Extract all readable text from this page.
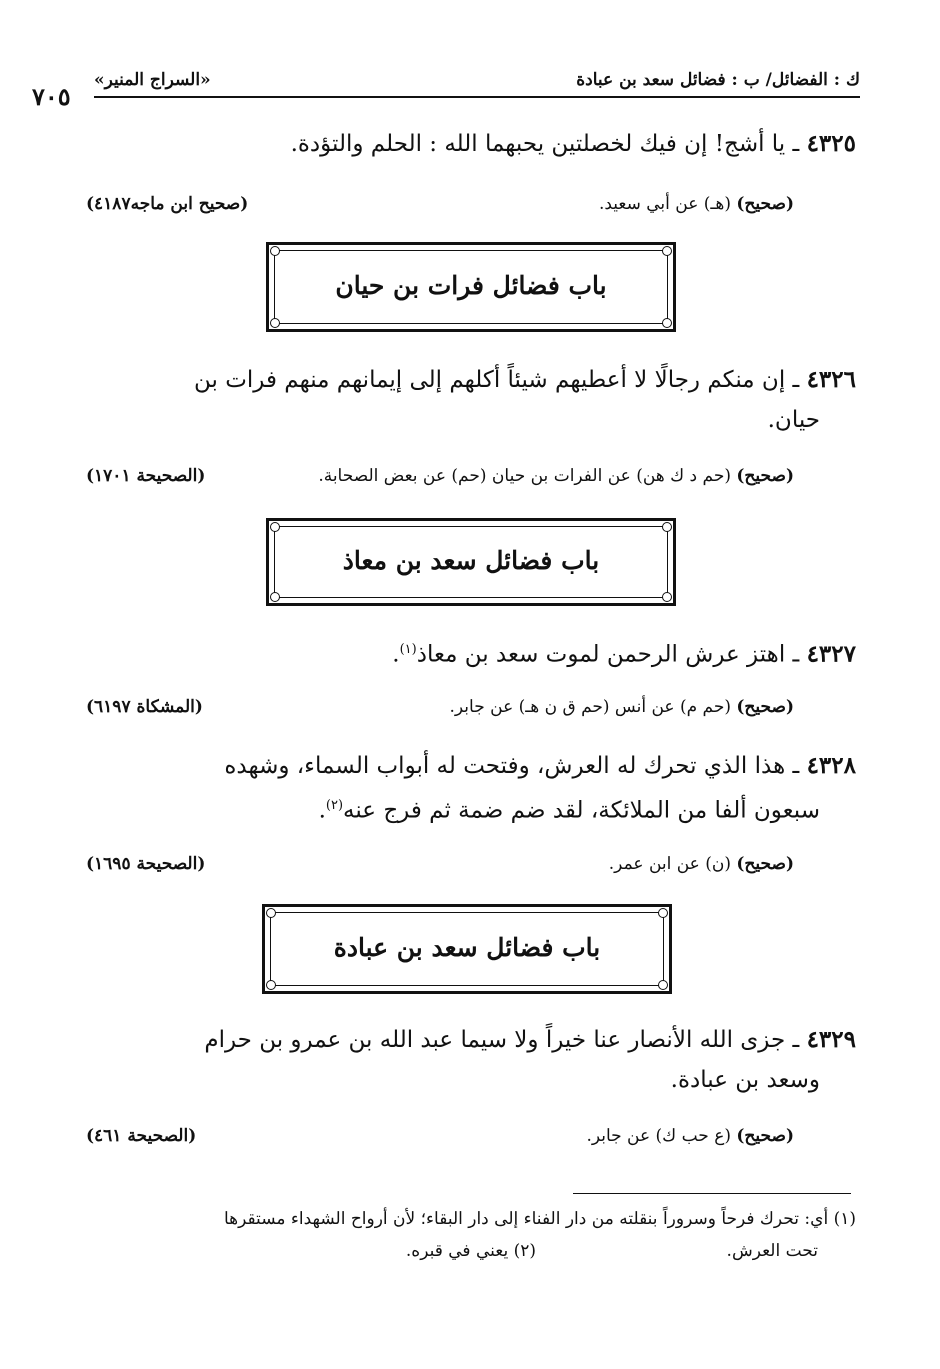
«السراج المنير»
٧٠٥
ك : الفضائل/ ب : فضائل سعد بن عبادة
٤٣٢٥ ـ يا أشج! إن فيك لخصلتين يحبهما الله : الحلم والتؤدة.
(صحيح) (هـ) عن أبي سعيد.
(صحيح ابن ماجه٤١٨٧)
باب فضائل فرات بن حيان
٤٣٢٦ ـ إن منكم رجالًا لا أعطيهم شيئاً أكلهم إلى إيمانهم منهم فرات بن
حيان.
(صحيح) (حم د ك هن) عن الفرات بن حيان (حم) عن بعض الصحابة.
(الصحيحة ١٧٠١)
باب فضائل سعد بن معاذ
٤٣٢٧ ـ اهتز عرش الرحمن لموت سعد بن معاذ$^{(١)}$.
(صحيح) (حم م) عن أنس (حم ق ن هـ) عن جابر.
(المشكاة ٦١٩٧)
٤٣٢٨ ـ هذا الذي تحرك له العرش، وفتحت له أبواب السماء، وشهده
سبعون ألفا من الملائكة، لقد ضم ضمة ثم فرج عنه$^{(٢)}$.
(صحيح) (ن) عن ابن عمر.
(الصحيحة ١٦٩٥)
باب فضائل سعد بن عبادة
٤٣٢٩ ـ جزى الله الأنصار عنا خيراً ولا سيما عبد الله بن عمرو بن حرام
وسعد بن عبادة.
(صحيح) (ع حب ك) عن جابر.
(الصحيحة ٤٦١)
(١) أي: تحرك فرحاً وسروراً بنقلته من دار الفناء إلى دار البقاء؛ لأن أرواح الشهداء مستقرها
تحت العرش.
(٢) يعني في قبره.
